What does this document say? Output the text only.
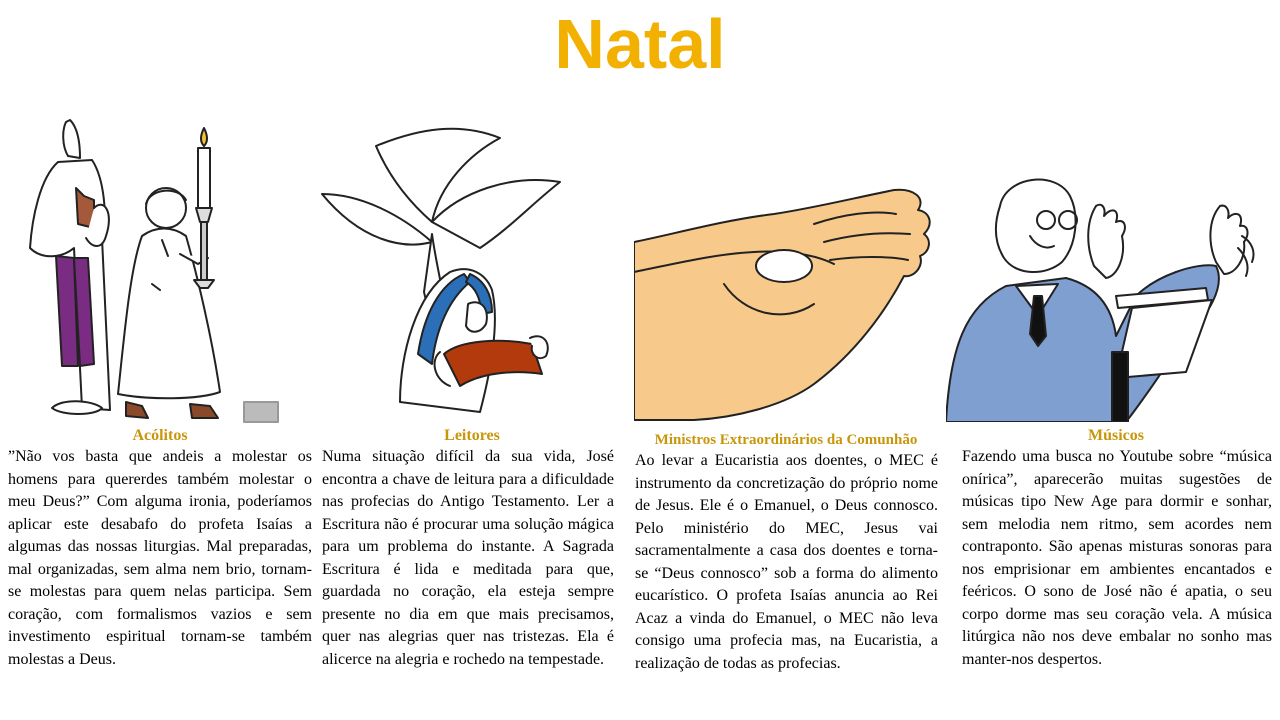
Natal
Acólitos

”Não vos basta que andeis a molestar os homens para quererdes também molestar o meu Deus?” Com alguma ironia, poderíamos aplicar este desabafo do profeta Isaías a algumas das nossas liturgias. Mal preparadas, mal organizadas, sem alma nem brio, tornam-se molestas para quem nelas participa. Sem coração, com formalismos vazios e sem investimento espiritual tornam-se também molestas a Deus.

Leitores

Numa situação difícil da sua vida, José encontra a chave de leitura para a dificuldade nas profecias do Antigo Testamento. Ler a Escritura não é procurar uma solução mágica para um problema do instante. A Sagrada Escritura é lida e meditada para que, guardada no coração, ela esteja sempre presente no dia em que mais precisamos, quer nas alegrias quer nas tristezas. Ela é alicerce na alegria e rochedo na tempestade.

Ministros Extraordinários da Comunhão

Ao levar a Eucaristia aos doentes, o MEC é instrumento da concretização do próprio nome de Jesus. Ele é o Emanuel, o Deus connosco. Pelo ministério do MEC, Jesus vai sacramentalmente a casa dos doentes e torna-se “Deus connosco” sob a forma do alimento eucarístico. O profeta Isaías anuncia ao Rei Acaz a vinda do Emanuel, o MEC não leva consigo uma profecia mas, na Eucaristia, a realização de todas as profecias.

Músicos

Fazendo uma busca no Youtube sobre “música onírica”, aparecerão muitas sugestões de músicas tipo New Age para dormir e sonhar, sem melodia nem ritmo, sem acordes nem contraponto. São apenas misturas sonoras para nos emprisionar em ambientes encantados e feéricos. O sono de José não é apatia, o seu corpo dorme mas seu coração vela. A música litúrgica não nos deve embalar no sonho mas manter-nos despertos.
